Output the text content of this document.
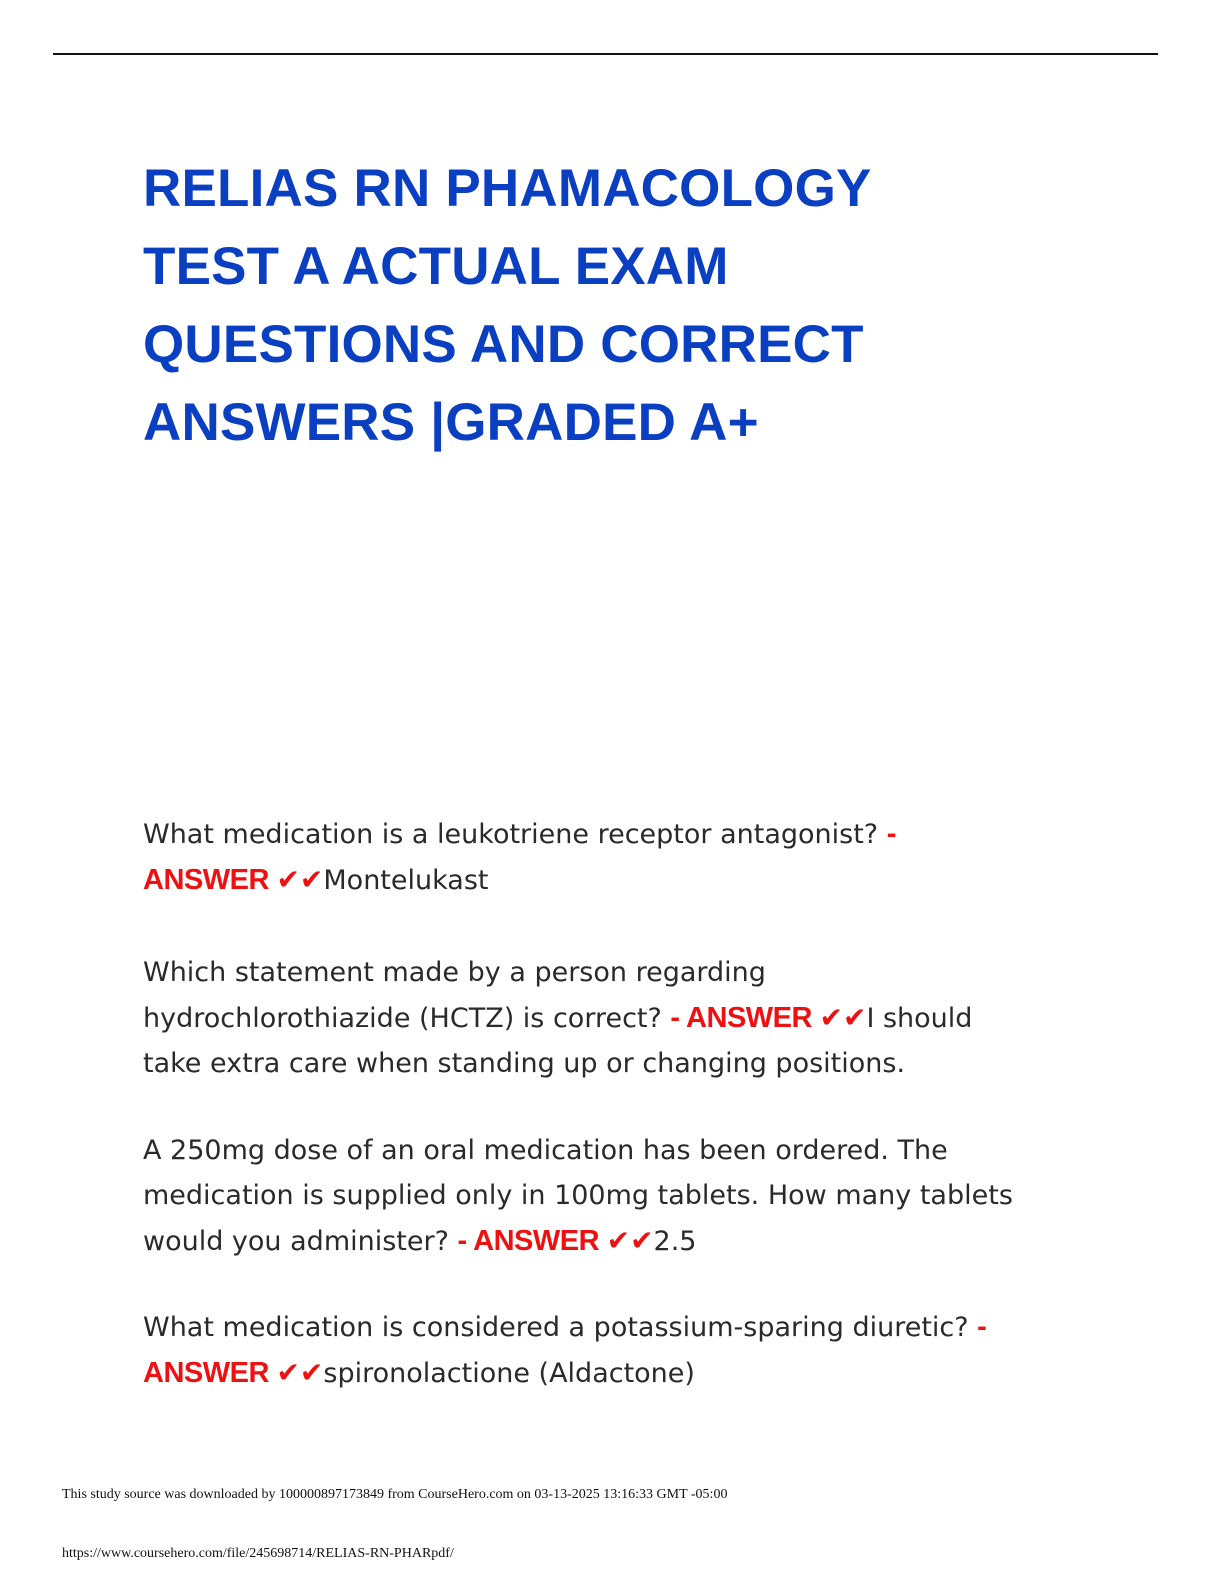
RELIAS RN PHAMACOLOGY
TEST A ACTUAL EXAM
QUESTIONS AND CORRECT
ANSWERS |GRADED A+
What medication is a leukotriene receptor antagonist? -
ANSWER ✔✔Montelukast
Which statement made by a person regarding
hydrochlorothiazide (HCTZ) is correct? - ANSWER ✔✔I should
take extra care when standing up or changing positions.
A 250mg dose of an oral medication has been ordered. The
medication is supplied only in 100mg tablets. How many tablets
would you administer? - ANSWER ✔✔2.5
What medication is considered a potassium-sparing diuretic? -
ANSWER ✔✔spironolactione (Aldactone)
This study source was downloaded by 100000897173849 from CourseHero.com on 03-13-2025 13:16:33 GMT -05:00
https://www.coursehero.com/file/245698714/RELIAS-RN-PHARpdf/
